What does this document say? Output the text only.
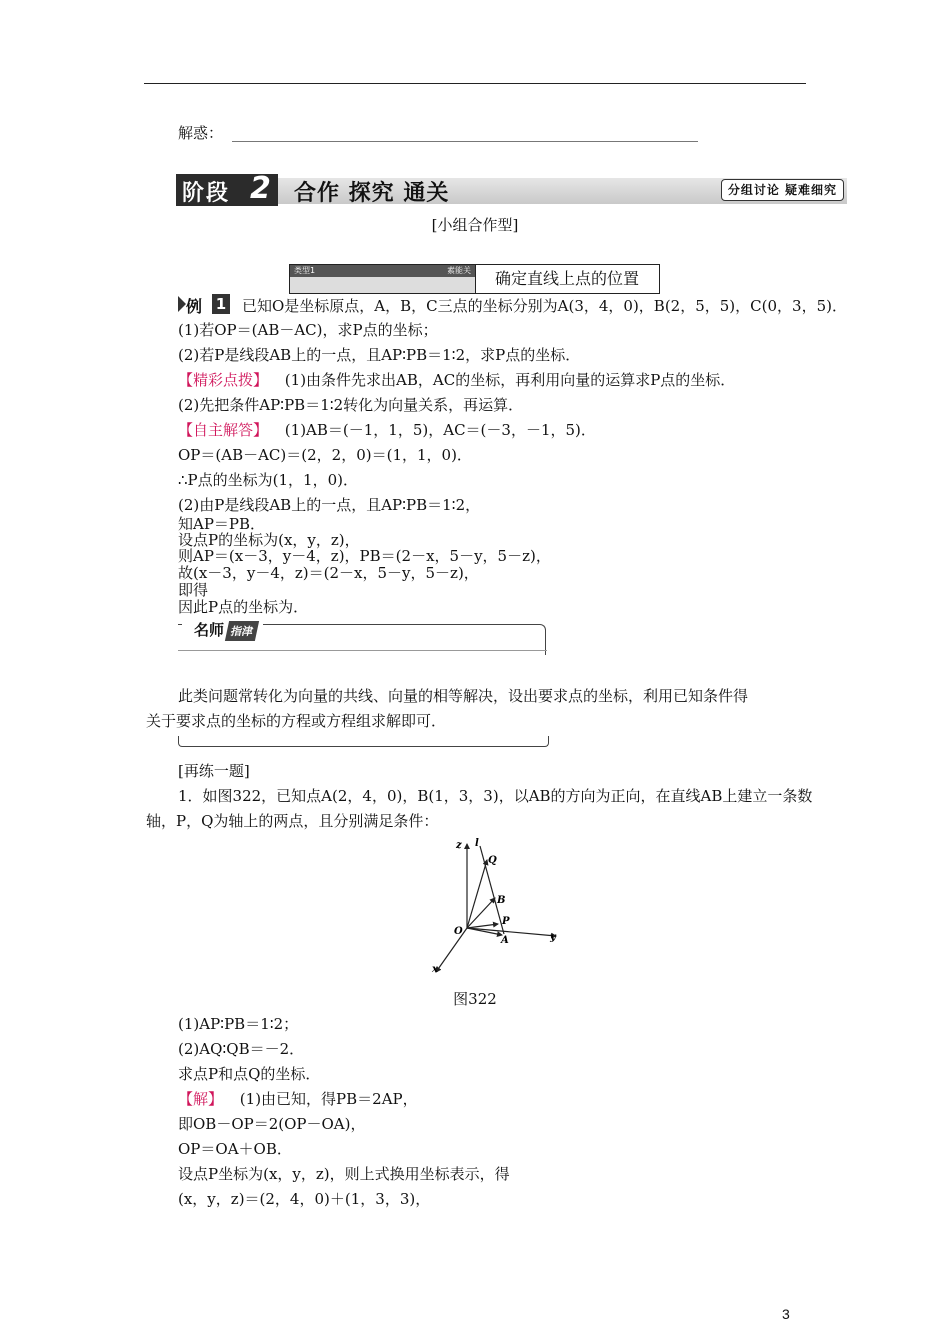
解惑：
阶段 2 合作 探究 通关	分组讨论 疑难细究
[小组合作型]
类型1	素能关 确定直线上点的位置
例 1 已知O是坐标原点，A，B，C三点的坐标分别为A(3，4，0)，B(2，5，5)，C(0，3，5)．
(1)若OP＝(AB－AC)，求P点的坐标；
(2)若P是线段AB上的一点，且AP∶PB＝1∶2，求P点的坐标．
【精彩点拨】 (1)由条件先求出AB，AC的坐标，再利用向量的运算求P点的坐标．
(2)先把条件AP∶PB＝1∶2转化为向量关系，再运算．
【自主解答】 (1)AB＝(－1，1，5)，AC＝(－3，－1，5)．
OP＝(AB－AC)＝(2，2，0)＝(1，1，0)．
∴P点的坐标为(1，1，0)．
(2)由P是线段AB上的一点，且AP∶PB＝1∶2，
知AP＝PB．
设点P的坐标为(x，y，z)，
则AP＝(x－3，y－4，z)，PB＝(2－x，5－y，5－z)，
故(x－3，y－4，z)＝(2－x，5－y，5－z)，
即得
因此P点的坐标为．
名师 指津
此类问题常转化为向量的共线、向量的相等解决，设出要求点的坐标，利用已知条件得
关于要求点的坐标的方程或方程组求解即可．
[再练一题]
1．如图322，已知点A(2，4，0)，B(1，3，3)，以AB的方向为正向，在直线AB上建立一条数
轴，P，Q为轴上的两点，且分别满足条件：
z l
Q
B
P
O
A	y
x
图322
(1)AP∶PB＝1∶2；
(2)AQ∶QB＝－2．
求点P和点Q的坐标．
【解】 (1)由已知，得PB＝2AP，
即OB－OP＝2(OP－OA)，
OP＝OA＋OB．
设点P坐标为(x，y，z)，则上式换用坐标表示，得
(x，y，z)＝(2，4，0)＋(1，3，3)，
3
